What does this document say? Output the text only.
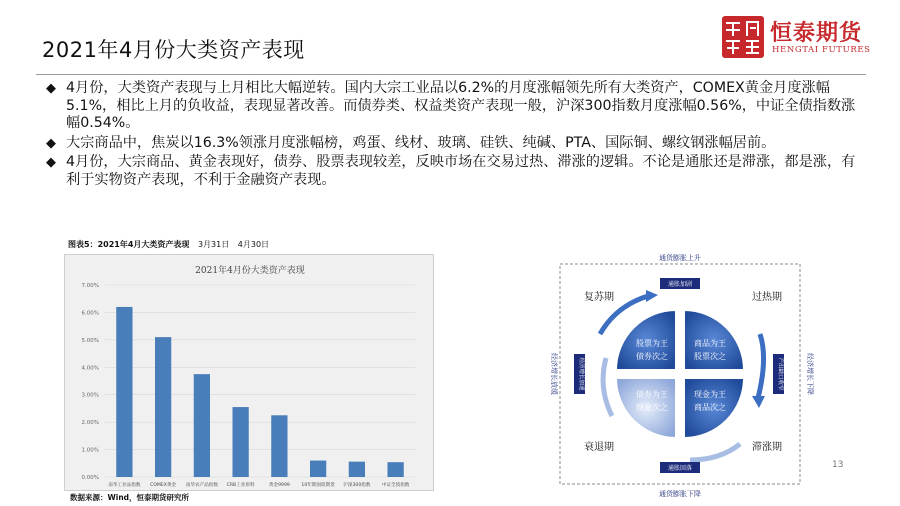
2021年4月份大类资产表现
恒泰期货
HENGTAI FUTURES
◆ 4月份，大类资产表现与上月相比大幅逆转。国内大宗工业品以6.2%的月度涨幅领先所有大类资产，COMEX黄金月度涨幅5.1%，相比上月的负收益，表现显著改善。而债券类、权益类资产表现一般，沪深300指数月度涨幅0.56%，中证全债指数涨幅0.54%。
◆ 大宗商品中，焦炭以16.3%领涨月度涨幅榜，鸡蛋、线材、玻璃、硅铁、纯碱、PTA、国际铜、螺纹钢涨幅居前。
◆ 4月份，大宗商品、黄金表现好，债券、股票表现较差，反映市场在交易过热、滞涨的逻辑。不论是通胀还是滞涨，都是涨，有利于实物资产表现，不利于金融资产表现。
图表5：2021年4月大类资产表现 3月31日 4月30日
2021年4月份大类资产表现
0.00%
1.00%
2.00%
3.00%
4.00%
5.00%
6.00%
7.00%
南华工业品指数 COMEX黄金 南华农产品指数 CRB工业原料	黄金9999	10年期国债期货 沪深300指数 中证全债指数
数据来源：Wind，恒泰期货研究所
通货膨胀上升
通货膨胀下降
经济增长放缓	经济增长下降
复苏期	过热期
衰退期	滞涨期
通胀加剧
通胀回落
经济增长加速	产出缺口收窄
股票为王
债券次之
商品为王
股票次之
债券为王
现金次之
现金为王
商品次之
13
